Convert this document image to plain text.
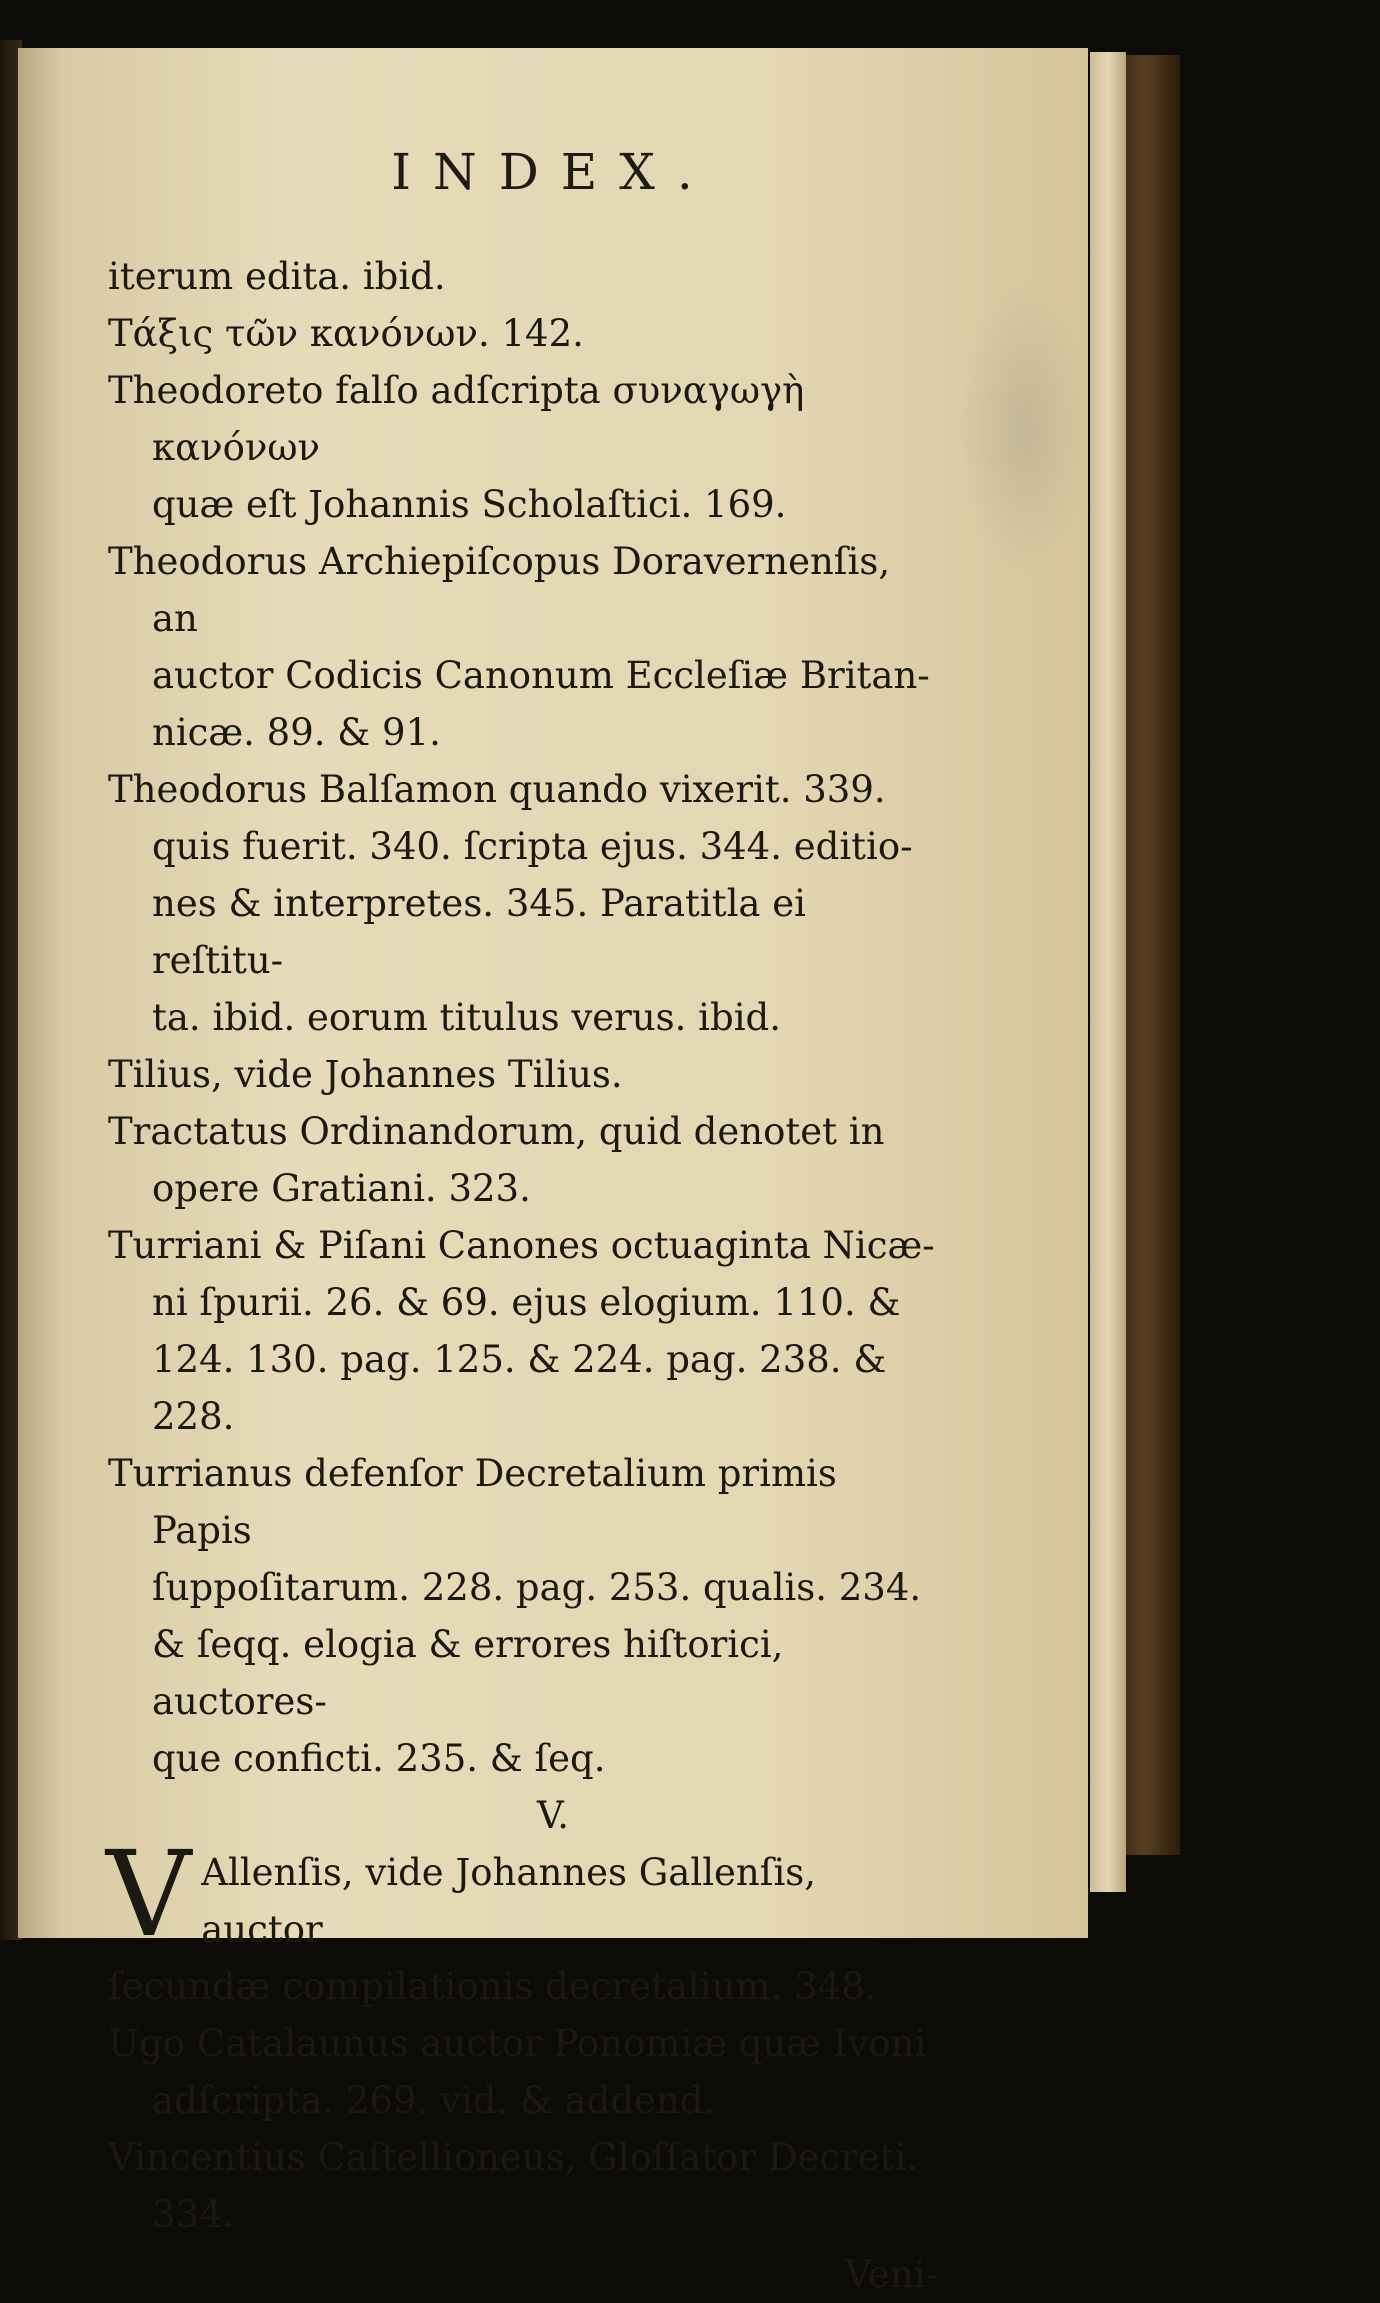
INDEX.
iterum edita. ibid.
Τάξις τῶν κανόνων. 142.
Theodoreto falſo adſcripta συναγωγὴ κανόνων
quæ eſt Johannis Scholaſtici. 169.
Theodorus Archiepiſcopus Doravernenſis, an
auctor Codicis Canonum Eccleſiæ Britan-
nicæ. 89. & 91.
Theodorus Balſamon quando vixerit. 339.
quis fuerit. 340. ſcripta ejus. 344. editio-
nes & interpretes. 345. Paratitla ei reſtitu-
ta. ibid. eorum titulus verus. ibid.
Tilius, vide Johannes Tilius.
Tractatus Ordinandorum, quid denotet in
opere Gratiani. 323.
Turriani & Piſani Canones octuaginta Nicæ-
ni ſpurii. 26. & 69. ejus elogium. 110. &
124. 130. pag. 125. & 224. pag. 238. &
228.
Turrianus defenſor Decretalium primis Papis
ſuppoſitarum. 228. pag. 253. qualis. 234.
& ſeqq. elogia & errores hiſtorici, auctores-
que conficti. 235. & ſeq.
V.
V Allenſis, vide Johannes Gallenſis, auctor
ſecundæ compilationis decretalium. 348.
Ugo Catalaunus auctor Ponomiæ quæ Ivoni
adſcripta. 269. vid. & addend.
Vincentius Caſtellioneus, Gloſſator Decreti.
334.
Veni-
